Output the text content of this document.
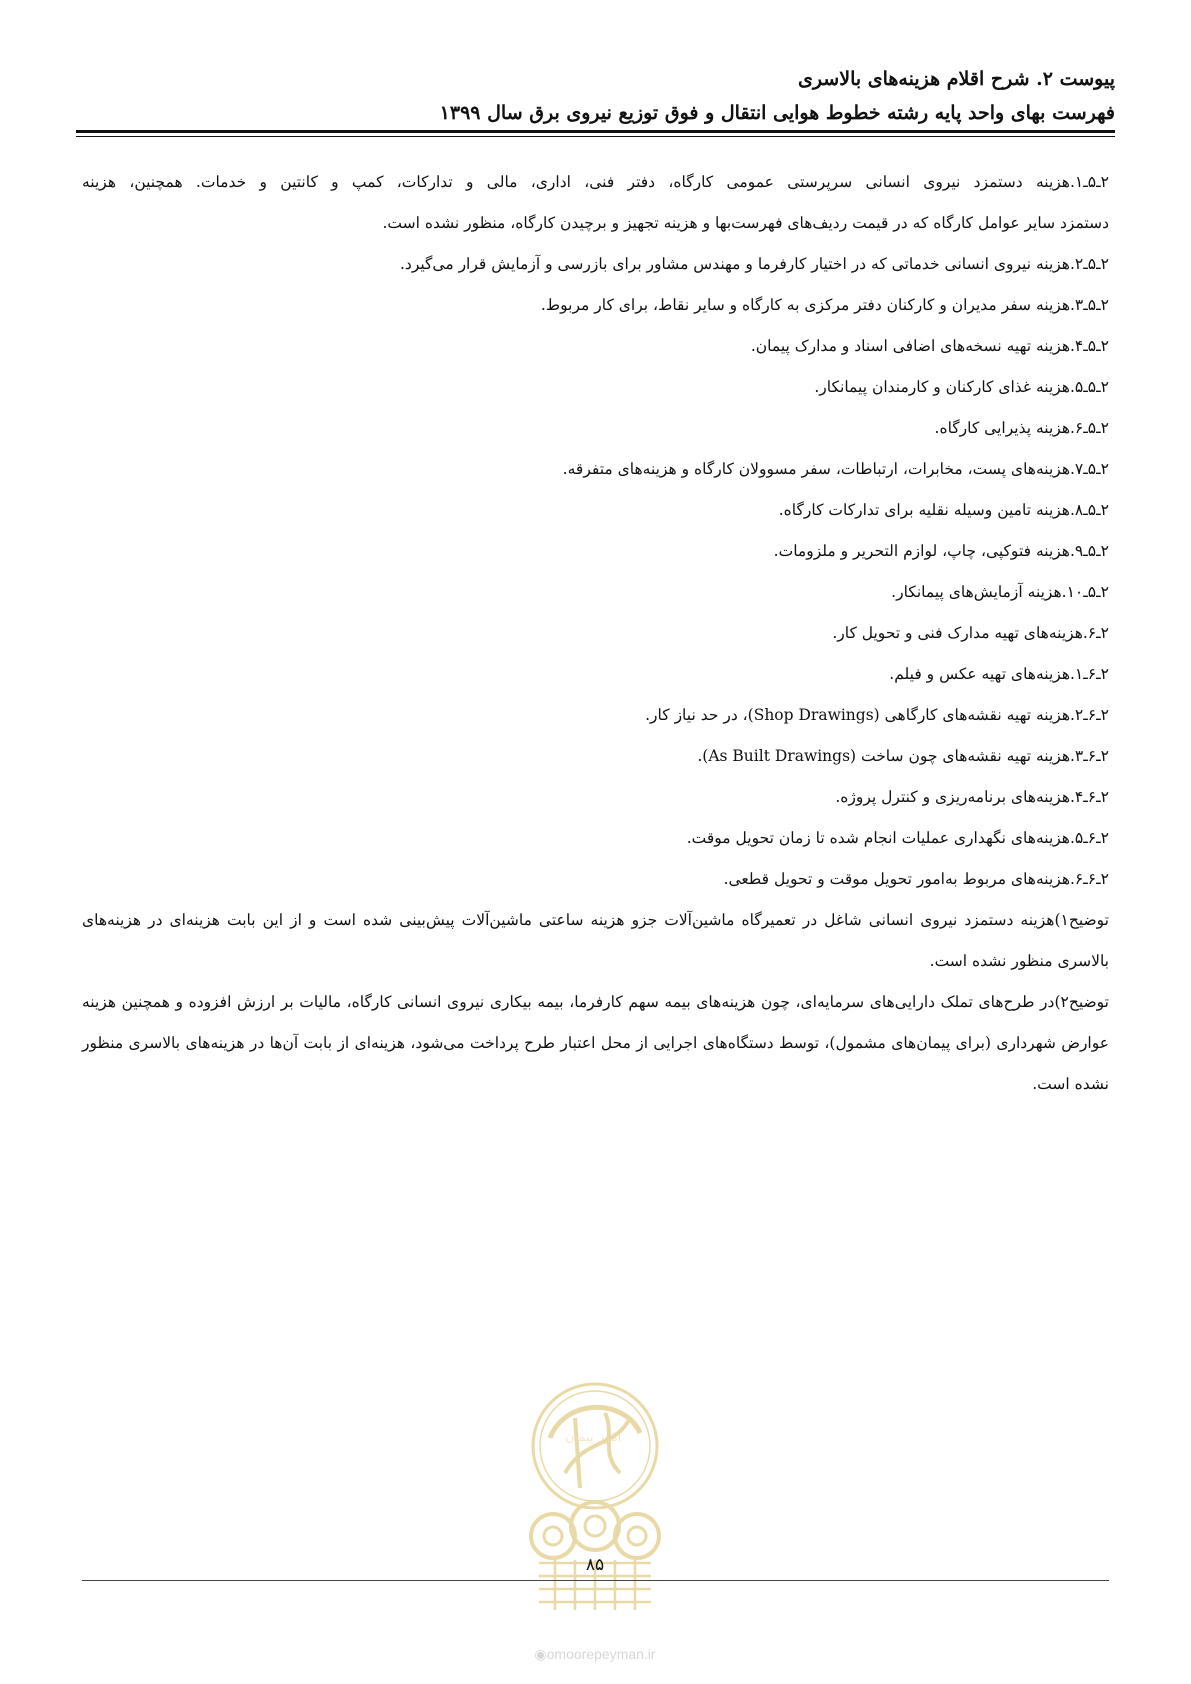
پیوست ۲. شرح اقلام هزینه‌های بالاسری
فهرست بهای واحد پایه رشته خطوط هوایی انتقال و فوق توزیع نیروی برق سال ۱۳۹۹
۲ـ۵ـ۱.هزینه دستمزد نیروی انسانی سرپرستی عمومی کارگاه، دفتر فنی، اداری، مالی و تدارکات، کمپ و کانتین و خدمات. همچنین، هزینه
دستمزد سایر عوامل کارگاه که در قیمت ردیف‌های فهرست‌بها و هزینه تجهیز و برچیدن کارگاه، منظور نشده است.
۲ـ۵ـ۲.هزینه نیروی انسانی خدماتی که در اختیار کارفرما و مهندس مشاور برای بازرسی و آزمایش قرار می‌گیرد.
۲ـ۵ـ۳.هزینه سفر مدیران و کارکنان دفتر مرکزی به کارگاه و سایر نقاط، برای کار مربوط.
۲ـ۵ـ۴.هزینه تهیه نسخه‌های اضافی اسناد و مدارک پیمان.
۲ـ۵ـ۵.هزینه غذای کارکنان و کارمندان پیمانکار.
۲ـ۵ـ۶.هزینه پذیرایی کارگاه.
۲ـ۵ـ۷.هزینه‌های پست، مخابرات، ارتباطات، سفر مسوولان کارگاه و هزینه‌های متفرقه.
۲ـ۵ـ۸.هزینه تامین وسیله نقلیه برای تدارکات کارگاه.
۲ـ۵ـ۹.هزینه فتوکپی، چاپ، لوازم التحریر و ملزومات.
۲ـ۵ـ۱۰.هزینه آزمایش‌های پیمانکار.
۲ـ۶.هزینه‌های تهیه مدارک فنی و تحویل کار.
۲ـ۶ـ۱.هزینه‌های تهیه عکس و فیلم.
۲ـ۶ـ۲.هزینه تهیه نقشه‌های کارگاهی (Shop Drawings)، در حد نیاز کار.
۲ـ۶ـ۳.هزینه تهیه نقشه‌های چون ساخت (As Built Drawings).
۲ـ۶ـ۴.هزینه‌های برنامه‌ریزی و کنترل پروژه.
۲ـ۶ـ۵.هزینه‌های نگهداری عملیات انجام شده تا زمان تحویل موقت.
۲ـ۶ـ۶.هزینه‌های مربوط به‌امور تحویل موقت و تحویل قطعی.
توضیح۱)هزینه دستمزد نیروی انسانی شاغل در تعمیرگاه ماشین‌آلات جزو هزینه ساعتی ماشین‌آلات پیش‌بینی شده است و از این بابت هزینه‌ای در هزینه‌های بالاسری منظور نشده است.
توضیح۲)در طرح‌های تملک دارایی‌های سرمایه‌ای، چون هزینه‌های بیمه سهم کارفرما، بیمه بیکاری نیروی انسانی کارگاه، مالیات بر ارزش افزوده و همچنین هزینه عوارض شهرداری (برای پیمان‌های مشمول)، توسط دستگاه‌های اجرایی از محل اعتبار طرح پرداخت می‌شود، هزینه‌ای از بابت آن‌ها در هزینه‌های بالاسری منظور نشده است.
امور پیمان
۸۵
◉omoorepeyman.ir
